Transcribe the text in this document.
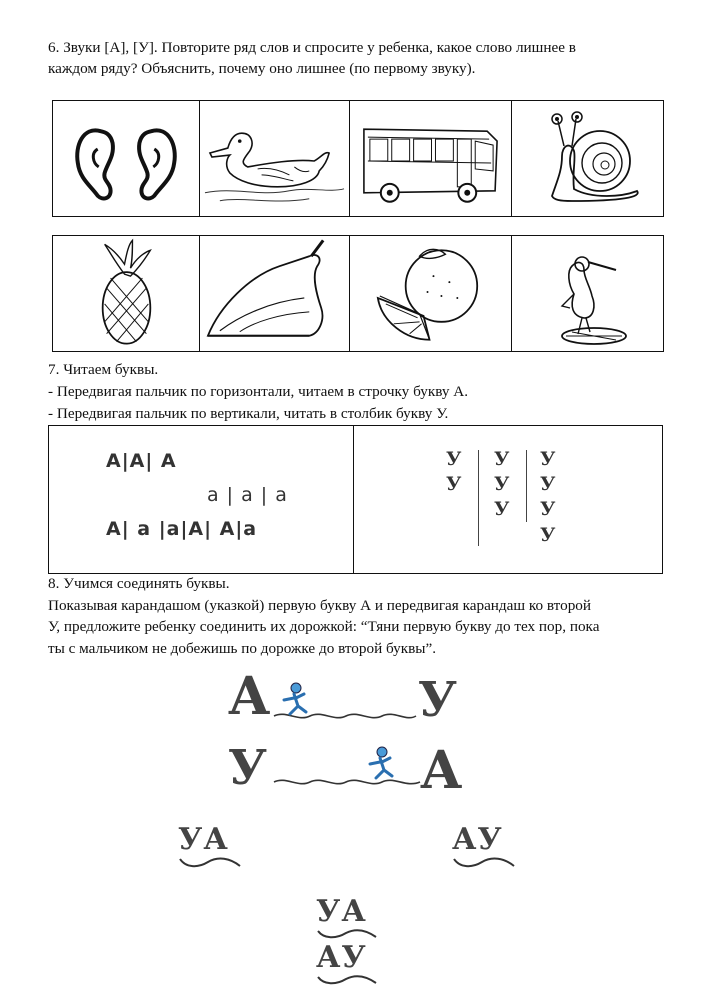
6. Звуки [А], [У]. Повторите ряд слов и спросите у ребенка, какое слово лишнее в

каждом ряду? Объяснить, почему оно лишнее (по первому звуку).

7. Читаем буквы.

- Передвигая пальчик по горизонтали, читаем в строчку букву А.

- Передвигая пальчик по вертикали, читать в столбик букву У.

А|А| А
а | а | а
А| а |а|А| А|а
У
У
У
У
У
У
У
У
У

8. Учимся соединять буквы.

Показывая карандашом (указкой) первую букву А и передвигая карандаш ко второй

У, предложите ребенку соединить их дорожкой: “Тяни первую букву до тех пор, пока

ты с мальчиком не добежишь по дорожке до второй буквы”.

А	У
У	А
УА	АУ
УА
АУ
